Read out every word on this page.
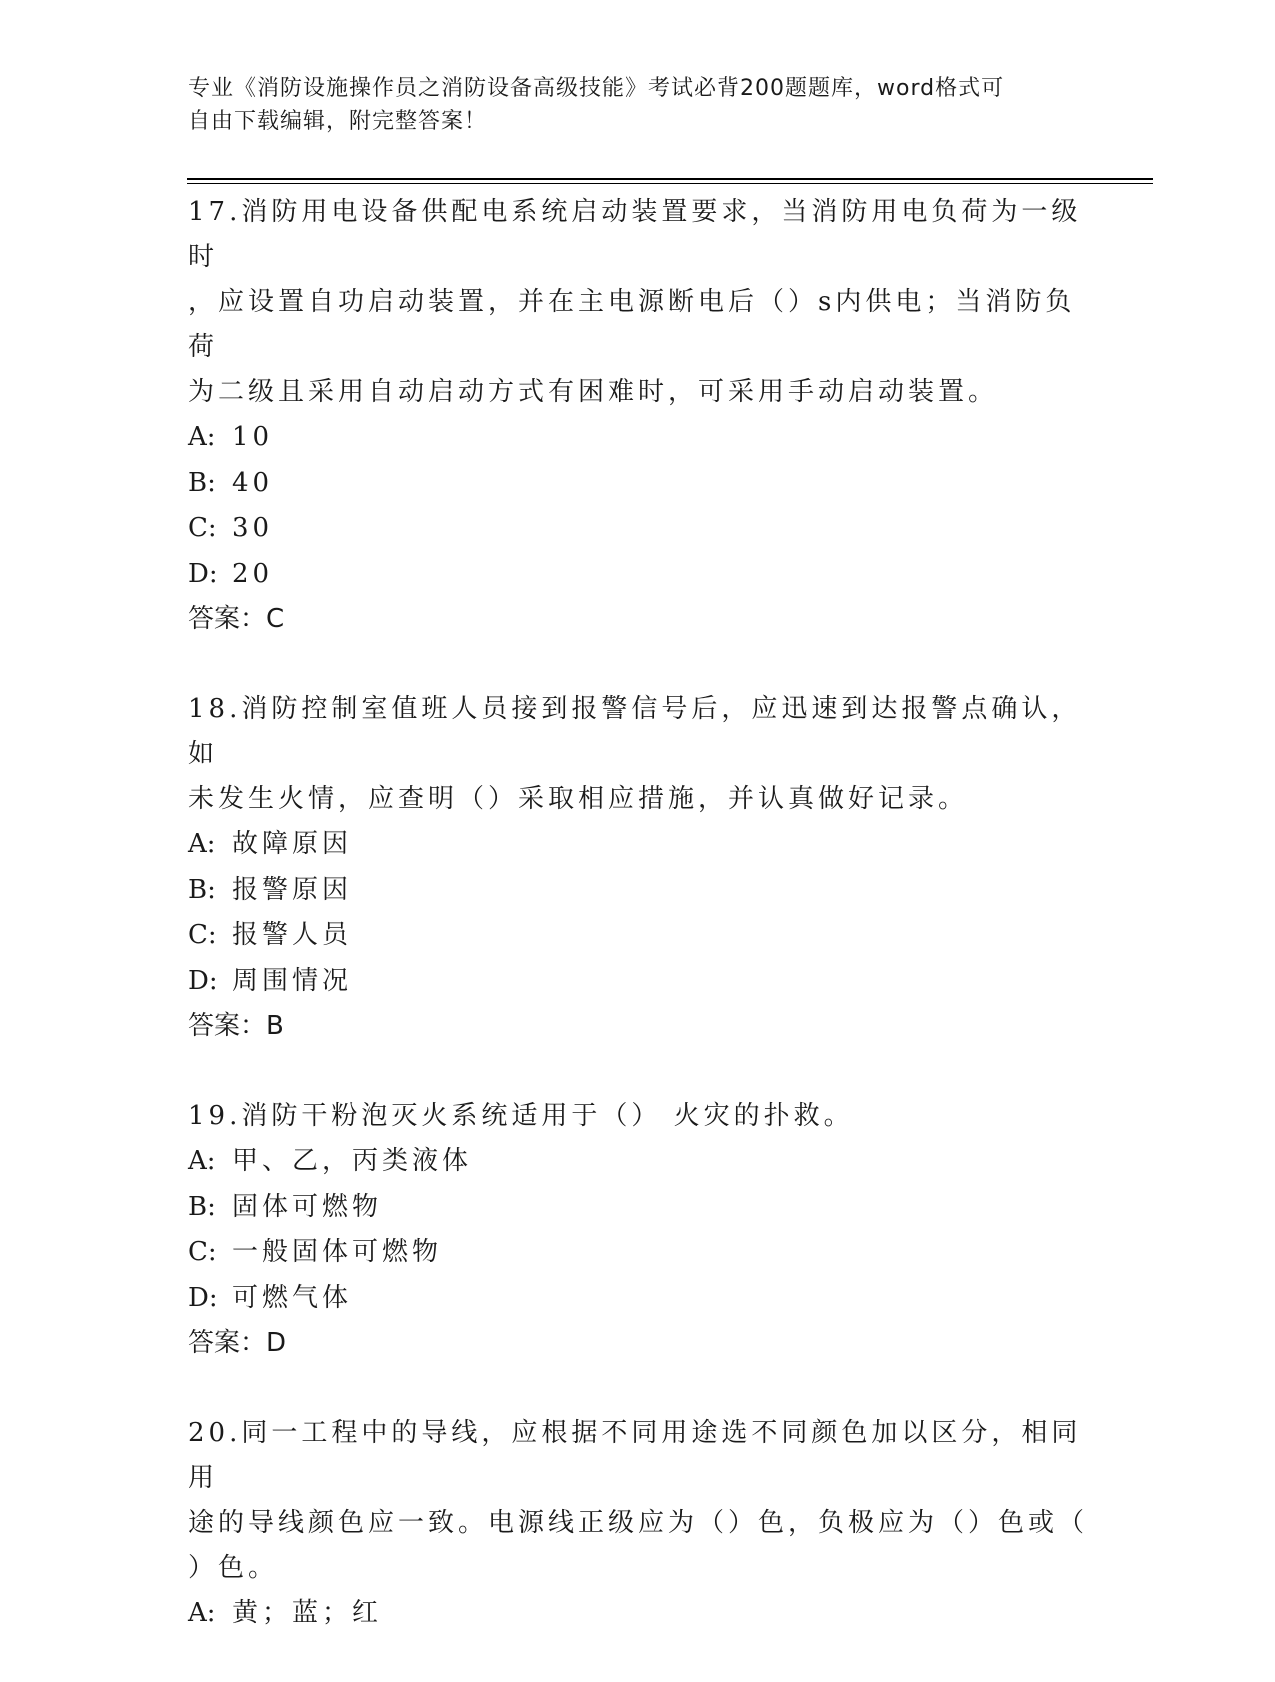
专业《消防设施操作员之消防设备高级技能》考试必背200题题库，word格式可
自由下载编辑，附完整答案！

17.消防用电设备供配电系统启动装置要求，当消防用电负荷为一级时

，应设置自功启动装置，并在主电源断电后（）s内供电；当消防负荷

为二级且采用自动启动方式有困难时，可采用手动启动装置。

A: 10

B: 40

C: 30

D: 20

答案：C

18.消防控制室值班人员接到报警信号后，应迅速到达报警点确认，如

未发生火情，应查明（）采取相应措施，并认真做好记录。

A: 故障原因

B: 报警原因

C: 报警人员

D: 周围情况

答案：B

19.消防干粉泡灭火系统适用于（） 火灾的扑救。

A: 甲、乙，丙类液体

B: 固体可燃物

C: 一般固体可燃物

D: 可燃气体

答案：D

20.同一工程中的导线，应根据不同用途选不同颜色加以区分，相同用

途的导线颜色应一致。电源线正级应为（）色，负极应为（）色或（

）色。

A: 黄；蓝；红
